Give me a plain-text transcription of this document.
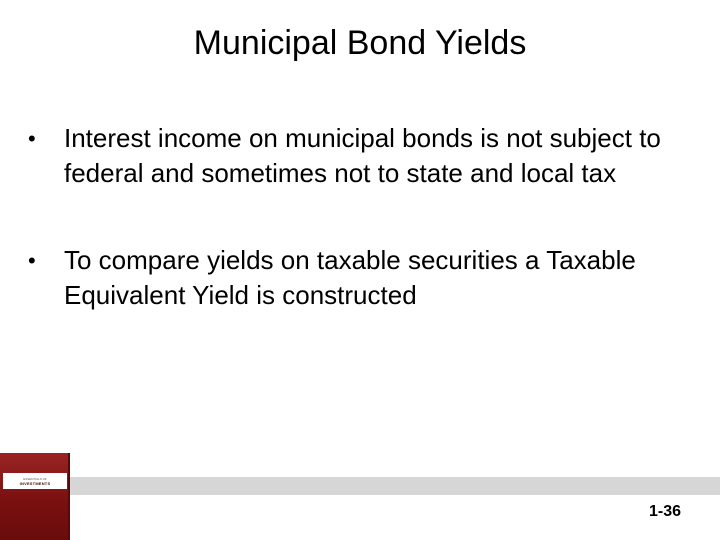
Municipal Bond Yields
•	Interest income on municipal bonds is not subject to federal and sometimes not to state and local tax
•	To compare yields on taxable securities a Taxable Equivalent Yield is constructed
ESSENTIALS OF
INVESTMENTS
1-36
